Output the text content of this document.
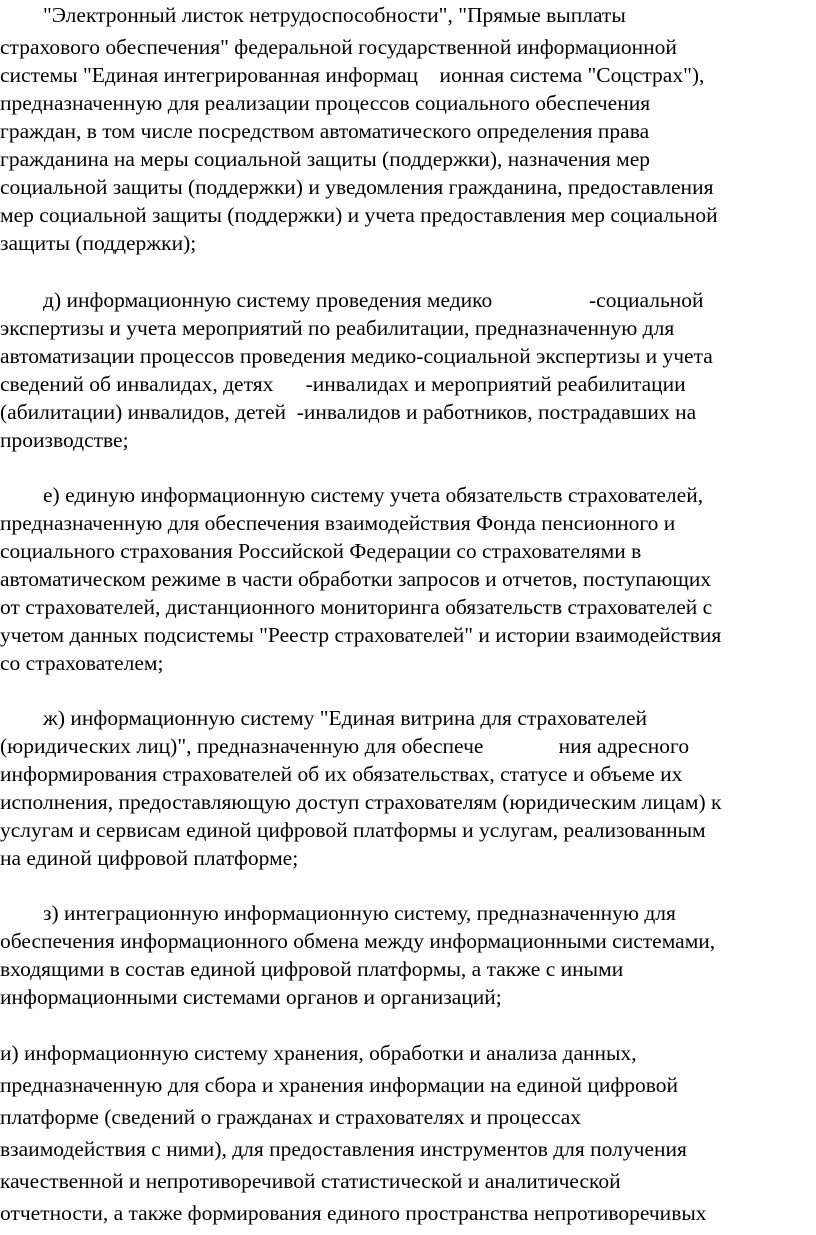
"Электронный листок нетрудоспособности", "Прямые выплаты
страхового обеспечения" федеральной государственной информационной
системы "Единая интегрированная информац    ионная система "Соцстрах"),
предназначенную для реализации процессов социального обеспечения
граждан, в том числе посредством автоматического определения права
гражданина на меры социальной защиты (поддержки), назначения мер
социальной защиты (поддержки) и уведомления гражданина, предоставления
мер социальной защиты (поддержки) и учета предоставления мер социальной
защиты (поддержки);
д) информационную систему проведения медико                  -социальной
экспертизы и учета мероприятий по реабилитации, предназначенную для
автоматизации процессов проведения медико-социальной экспертизы и учета
сведений об инвалидах, детях      -инвалидах и мероприятий реабилитации
(абилитации) инвалидов, детей  -инвалидов и работников, пострадавших на
производстве;
е) единую информационную систему учета обязательств страхователей,
предназначенную для обеспечения взаимодействия Фонда пенсионного и
социального страхования Российской Федерации со страхователями в
автоматическом режиме в части обработки запросов и отчетов, поступающих
от страхователей, дистанционного мониторинга обязательств страхователей с
учетом данных подсистемы "Реестр страхователей" и истории взаимодействия
со страхователем;
ж) информационную систему "Единая витрина для страхователей
(юридических лиц)", предназначенную для обеспече              ния адресного
информирования страхователей об их обязательствах, статусе и объеме их
исполнения, предоставляющую доступ страхователям (юридическим лицам) к
услугам и сервисам единой цифровой платформы и услугам, реализованным
на единой цифровой платформе;
з) интеграционную информационную систему, предназначенную для
обеспечения информационного обмена между информационными системами,
входящими в состав единой цифровой платформы, а также с иными
информационными системами органов и организаций;
и) информационную систему хранения, обработки и анализа данных,
предназначенную для сбора и хранения информации на единой цифровой
платформе (сведений о гражданах и страхователях и процессах
взаимодействия с ними), для предоставления инструментов для получения
качественной и непротиворечивой статистической и аналитической
отчетности, а также формирования единого пространства непротиворечивых
